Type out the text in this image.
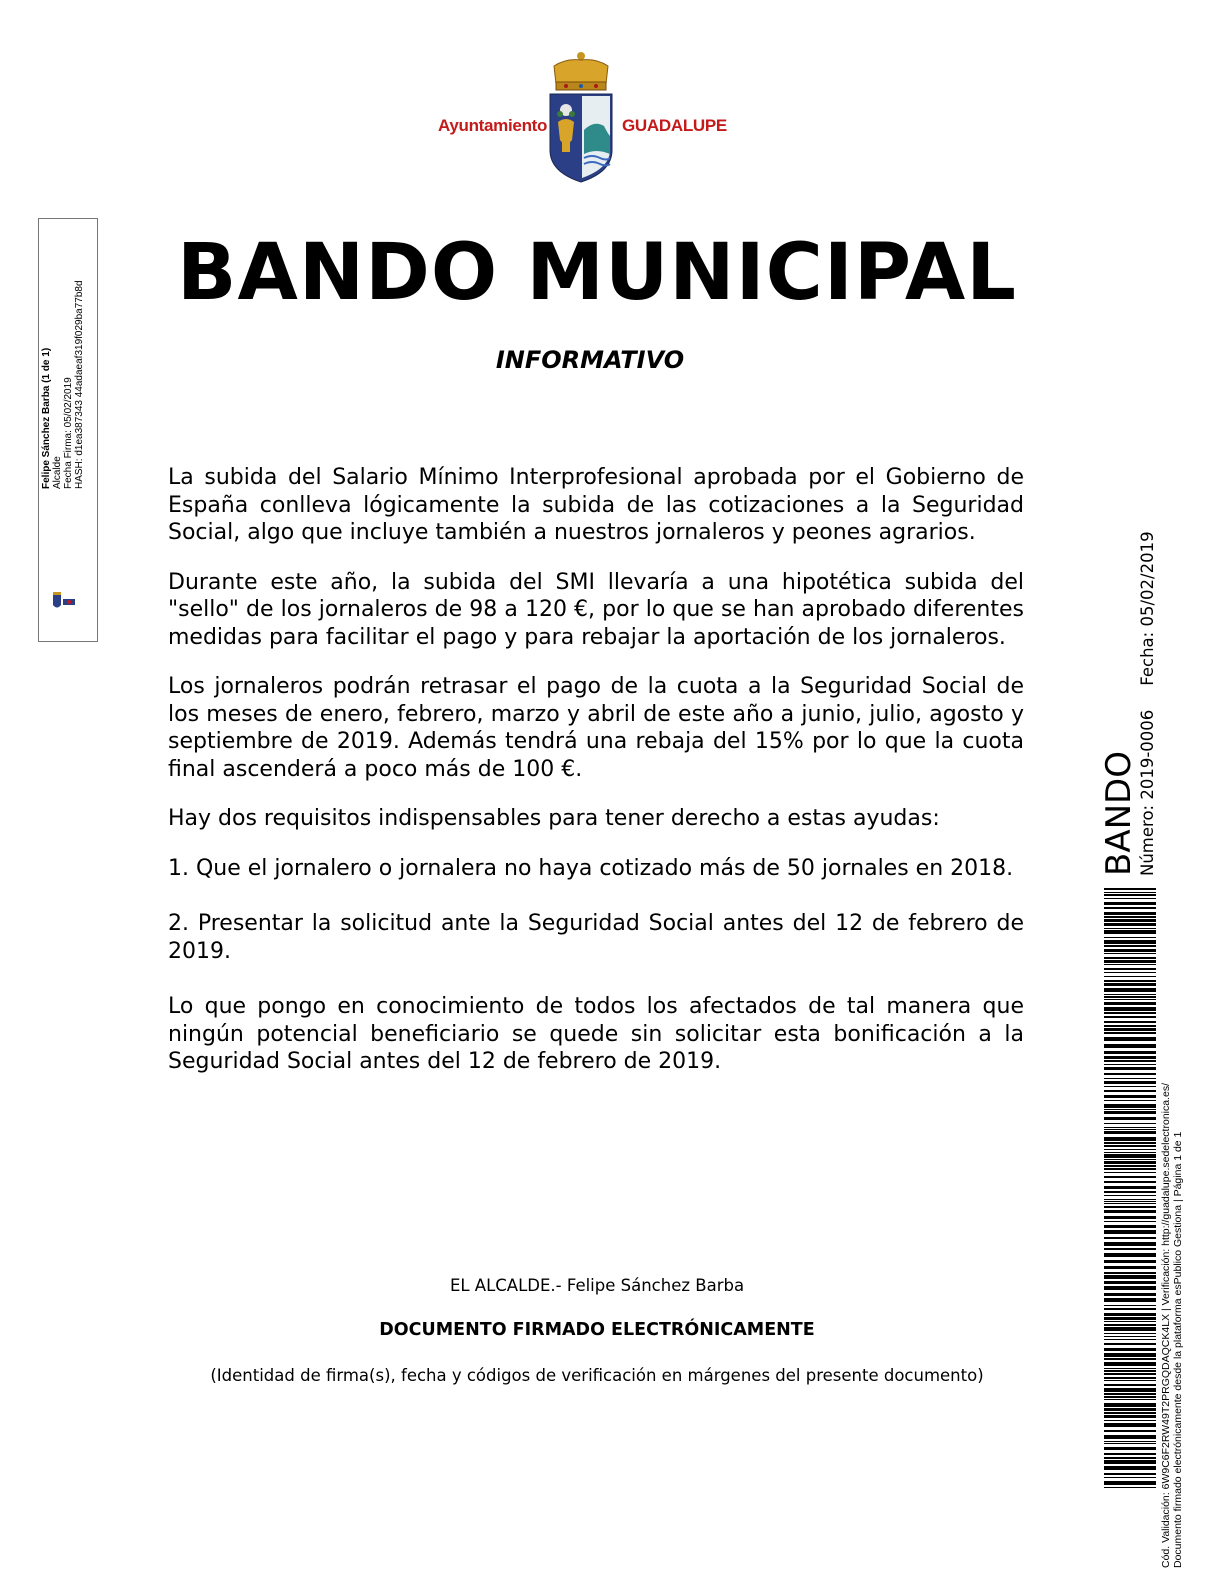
Ayuntamiento	GUADALUPE
BANDO MUNICIPAL
INFORMATIVO

La subida del Salario Mínimo Interprofesional aprobada por el Gobierno de España conlleva lógicamente la subida de las cotizaciones a la Seguridad Social, algo que incluye también a nuestros jornaleros y peones agrarios.

Durante este año, la subida del SMI llevaría a una hipotética subida del "sello" de los jornaleros de 98 a 120 €, por lo que se han aprobado diferentes medidas para facilitar el pago y para rebajar la aportación de los jornaleros.

Los jornaleros podrán retrasar el pago de la cuota a la Seguridad Social de los meses de enero, febrero, marzo y abril de este año a junio, julio, agosto y septiembre de 2019. Además tendrá una rebaja del 15% por lo que la cuota final ascenderá a poco más de 100 €.

Hay dos requisitos indispensables para tener derecho a estas ayudas:

1. Que el jornalero o jornalera no haya cotizado más de 50 jornales en 2018.

2. Presentar la solicitud ante la Seguridad Social antes del 12 de febrero de 2019.

Lo que pongo en conocimiento de todos los afectados de tal manera que ningún potencial beneficiario se quede sin solicitar esta bonificación a la Seguridad Social antes del 12 de febrero de 2019.

EL ALCALDE.- Felipe Sánchez Barba
DOCUMENTO FIRMADO ELECTRÓNICAMENTE
(Identidad de firma(s), fecha y códigos de verificación en márgenes del presente documento)
Felipe Sánchez Barba (1 de 1) Alcalde Fecha Firma: 05/02/2019 HASH: d1ea387343 44adaeaf319f029ba77b8d
BANDO Número: 2019-0006Fecha: 05/02/2019
Cód. Validación: 6W9C6F2RW49T2PRGQDAQCK4LX | Verificación: http://guadalupe.sedelectronica.es/ Documento firmado electrónicamente desde la plataforma esPublico Gestiona | Página 1 de 1
